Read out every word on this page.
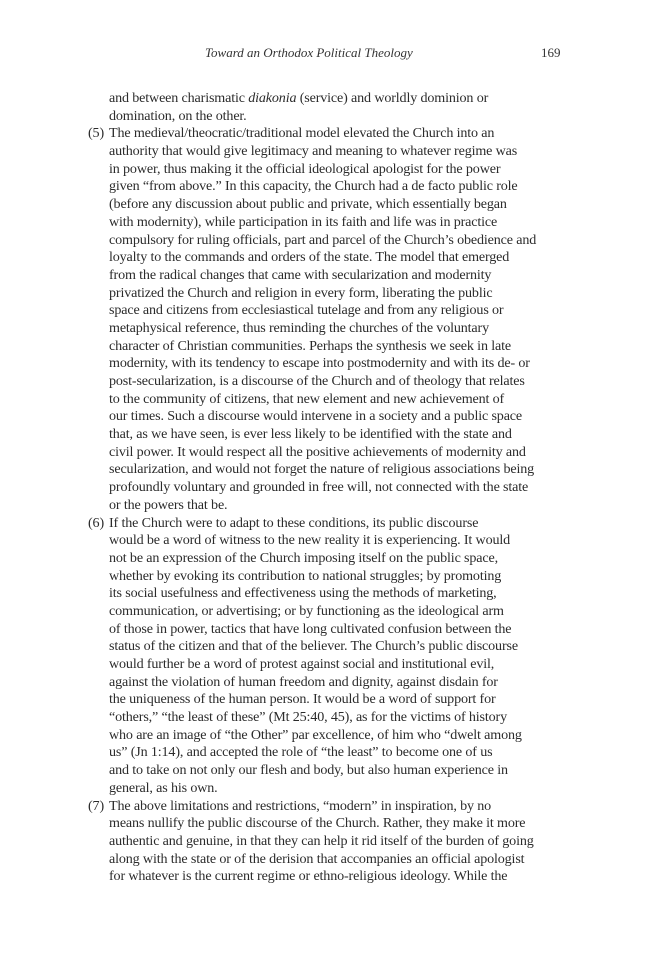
Toward an Orthodox Political Theology	169
and between charismatic diakonia (service) and worldly dominion or
domination, on the other.
(5) The medieval/theocratic/traditional model elevated the Church into an
authority that would give legitimacy and meaning to whatever regime was
in power, thus making it the official ideological apologist for the power
given “from above.” In this capacity, the Church had a de facto public role
(before any discussion about public and private, which essentially began
with modernity), while participation in its faith and life was in practice
compulsory for ruling officials, part and parcel of the Church’s obedience and
loyalty to the commands and orders of the state. The model that emerged
from the radical changes that came with secularization and modernity
privatized the Church and religion in every form, liberating the public
space and citizens from ecclesiastical tutelage and from any religious or
metaphysical reference, thus reminding the churches of the voluntary
character of Christian communities. Perhaps the synthesis we seek in late
modernity, with its tendency to escape into postmodernity and with its de- or
post-secularization, is a discourse of the Church and of theology that relates
to the community of citizens, that new element and new achievement of
our times. Such a discourse would intervene in a society and a public space
that, as we have seen, is ever less likely to be identified with the state and
civil power. It would respect all the positive achievements of modernity and
secularization, and would not forget the nature of religious associations being
profoundly voluntary and grounded in free will, not connected with the state
or the powers that be.
(6) If the Church were to adapt to these conditions, its public discourse
would be a word of witness to the new reality it is experiencing. It would
not be an expression of the Church imposing itself on the public space,
whether by evoking its contribution to national struggles; by promoting
its social usefulness and effectiveness using the methods of marketing,
communication, or advertising; or by functioning as the ideological arm
of those in power, tactics that have long cultivated confusion between the
status of the citizen and that of the believer. The Church’s public discourse
would further be a word of protest against social and institutional evil,
against the violation of human freedom and dignity, against disdain for
the uniqueness of the human person. It would be a word of support for
“others,” “the least of these” (Mt 25:40, 45), as for the victims of history
who are an image of “the Other” par excellence, of him who “dwelt among
us” (Jn 1:14), and accepted the role of “the least” to become one of us
and to take on not only our flesh and body, but also human experience in
general, as his own.
(7) The above limitations and restrictions, “modern” in inspiration, by no
means nullify the public discourse of the Church. Rather, they make it more
authentic and genuine, in that they can help it rid itself of the burden of going
along with the state or of the derision that accompanies an official apologist
for whatever is the current regime or ethno-religious ideology. While the
